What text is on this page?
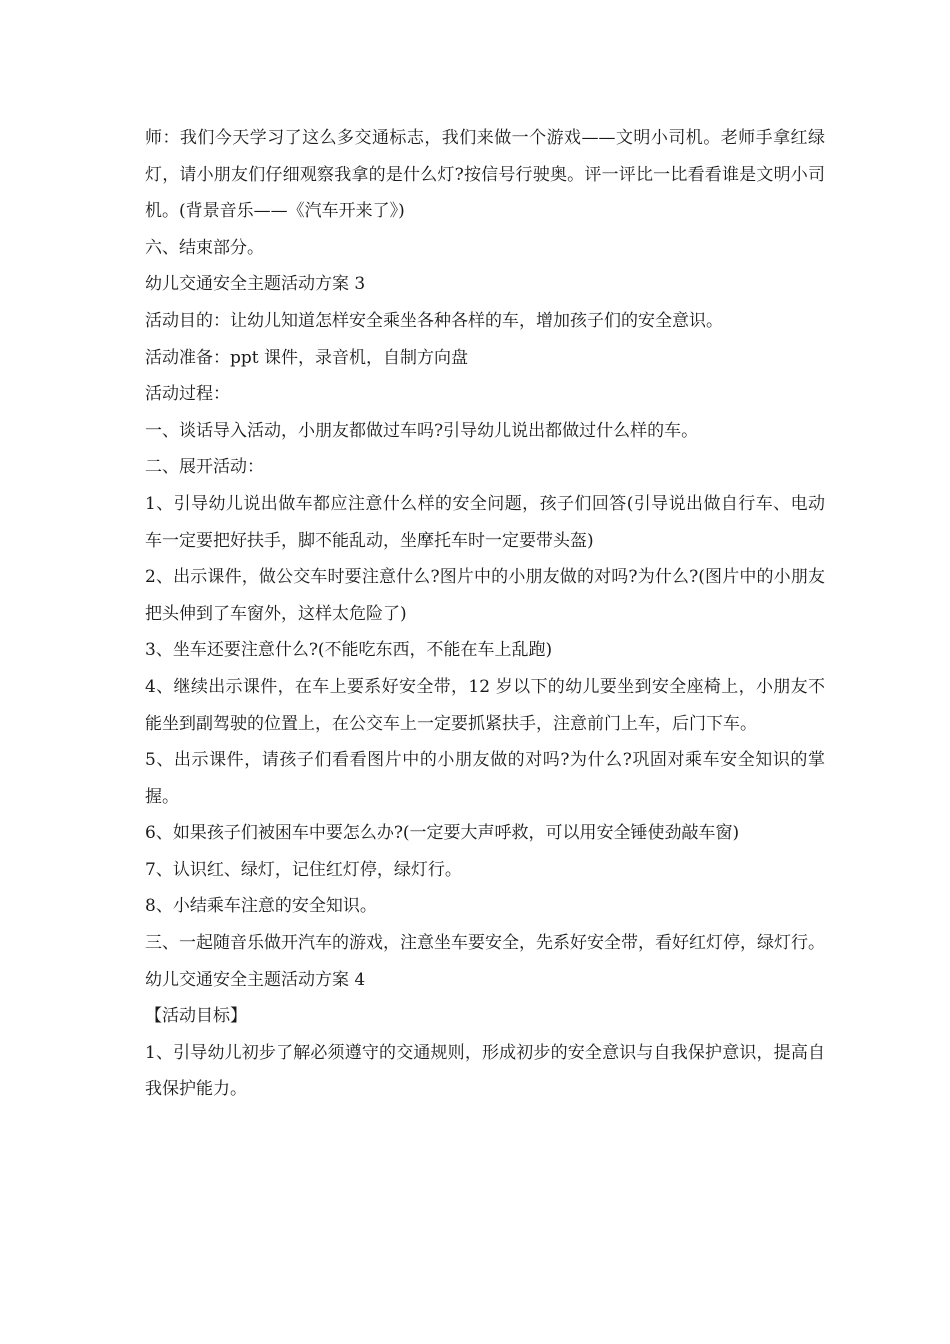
师：我们今天学习了这么多交通标志，我们来做一个游戏——文明小司机。老师手拿红绿灯，请小朋友们仔细观察我拿的是什么灯?按信号行驶奥。评一评比一比看看谁是文明小司机。(背景音乐——《汽车开来了》)

六、结束部分。

幼儿交通安全主题活动方案 3

活动目的：让幼儿知道怎样安全乘坐各种各样的车，增加孩子们的安全意识。

活动准备：ppt 课件，录音机，自制方向盘

活动过程：

一、谈话导入活动，小朋友都做过车吗?引导幼儿说出都做过什么样的车。

二、展开活动：

1、引导幼儿说出做车都应注意什么样的安全问题，孩子们回答(引导说出做自行车、电动车一定要把好扶手，脚不能乱动，坐摩托车时一定要带头盔)

2、出示课件，做公交车时要注意什么?图片中的小朋友做的对吗?为什么?(图片中的小朋友把头伸到了车窗外，这样太危险了)

3、坐车还要注意什么?(不能吃东西，不能在车上乱跑)

4、继续出示课件，在车上要系好安全带，12 岁以下的幼儿要坐到安全座椅上，小朋友不能坐到副驾驶的位置上，在公交车上一定要抓紧扶手，注意前门上车，后门下车。

5、出示课件，请孩子们看看图片中的小朋友做的对吗?为什么?巩固对乘车安全知识的掌握。

6、如果孩子们被困车中要怎么办?(一定要大声呼救，可以用安全锤使劲敲车窗)

7、认识红、绿灯，记住红灯停，绿灯行。

8、小结乘车注意的安全知识。

三、一起随音乐做开汽车的游戏，注意坐车要安全，先系好安全带，看好红灯停，绿灯行。

幼儿交通安全主题活动方案 4

【活动目标】

1、引导幼儿初步了解必须遵守的交通规则，形成初步的安全意识与自我保护意识，提高自我保护能力。
